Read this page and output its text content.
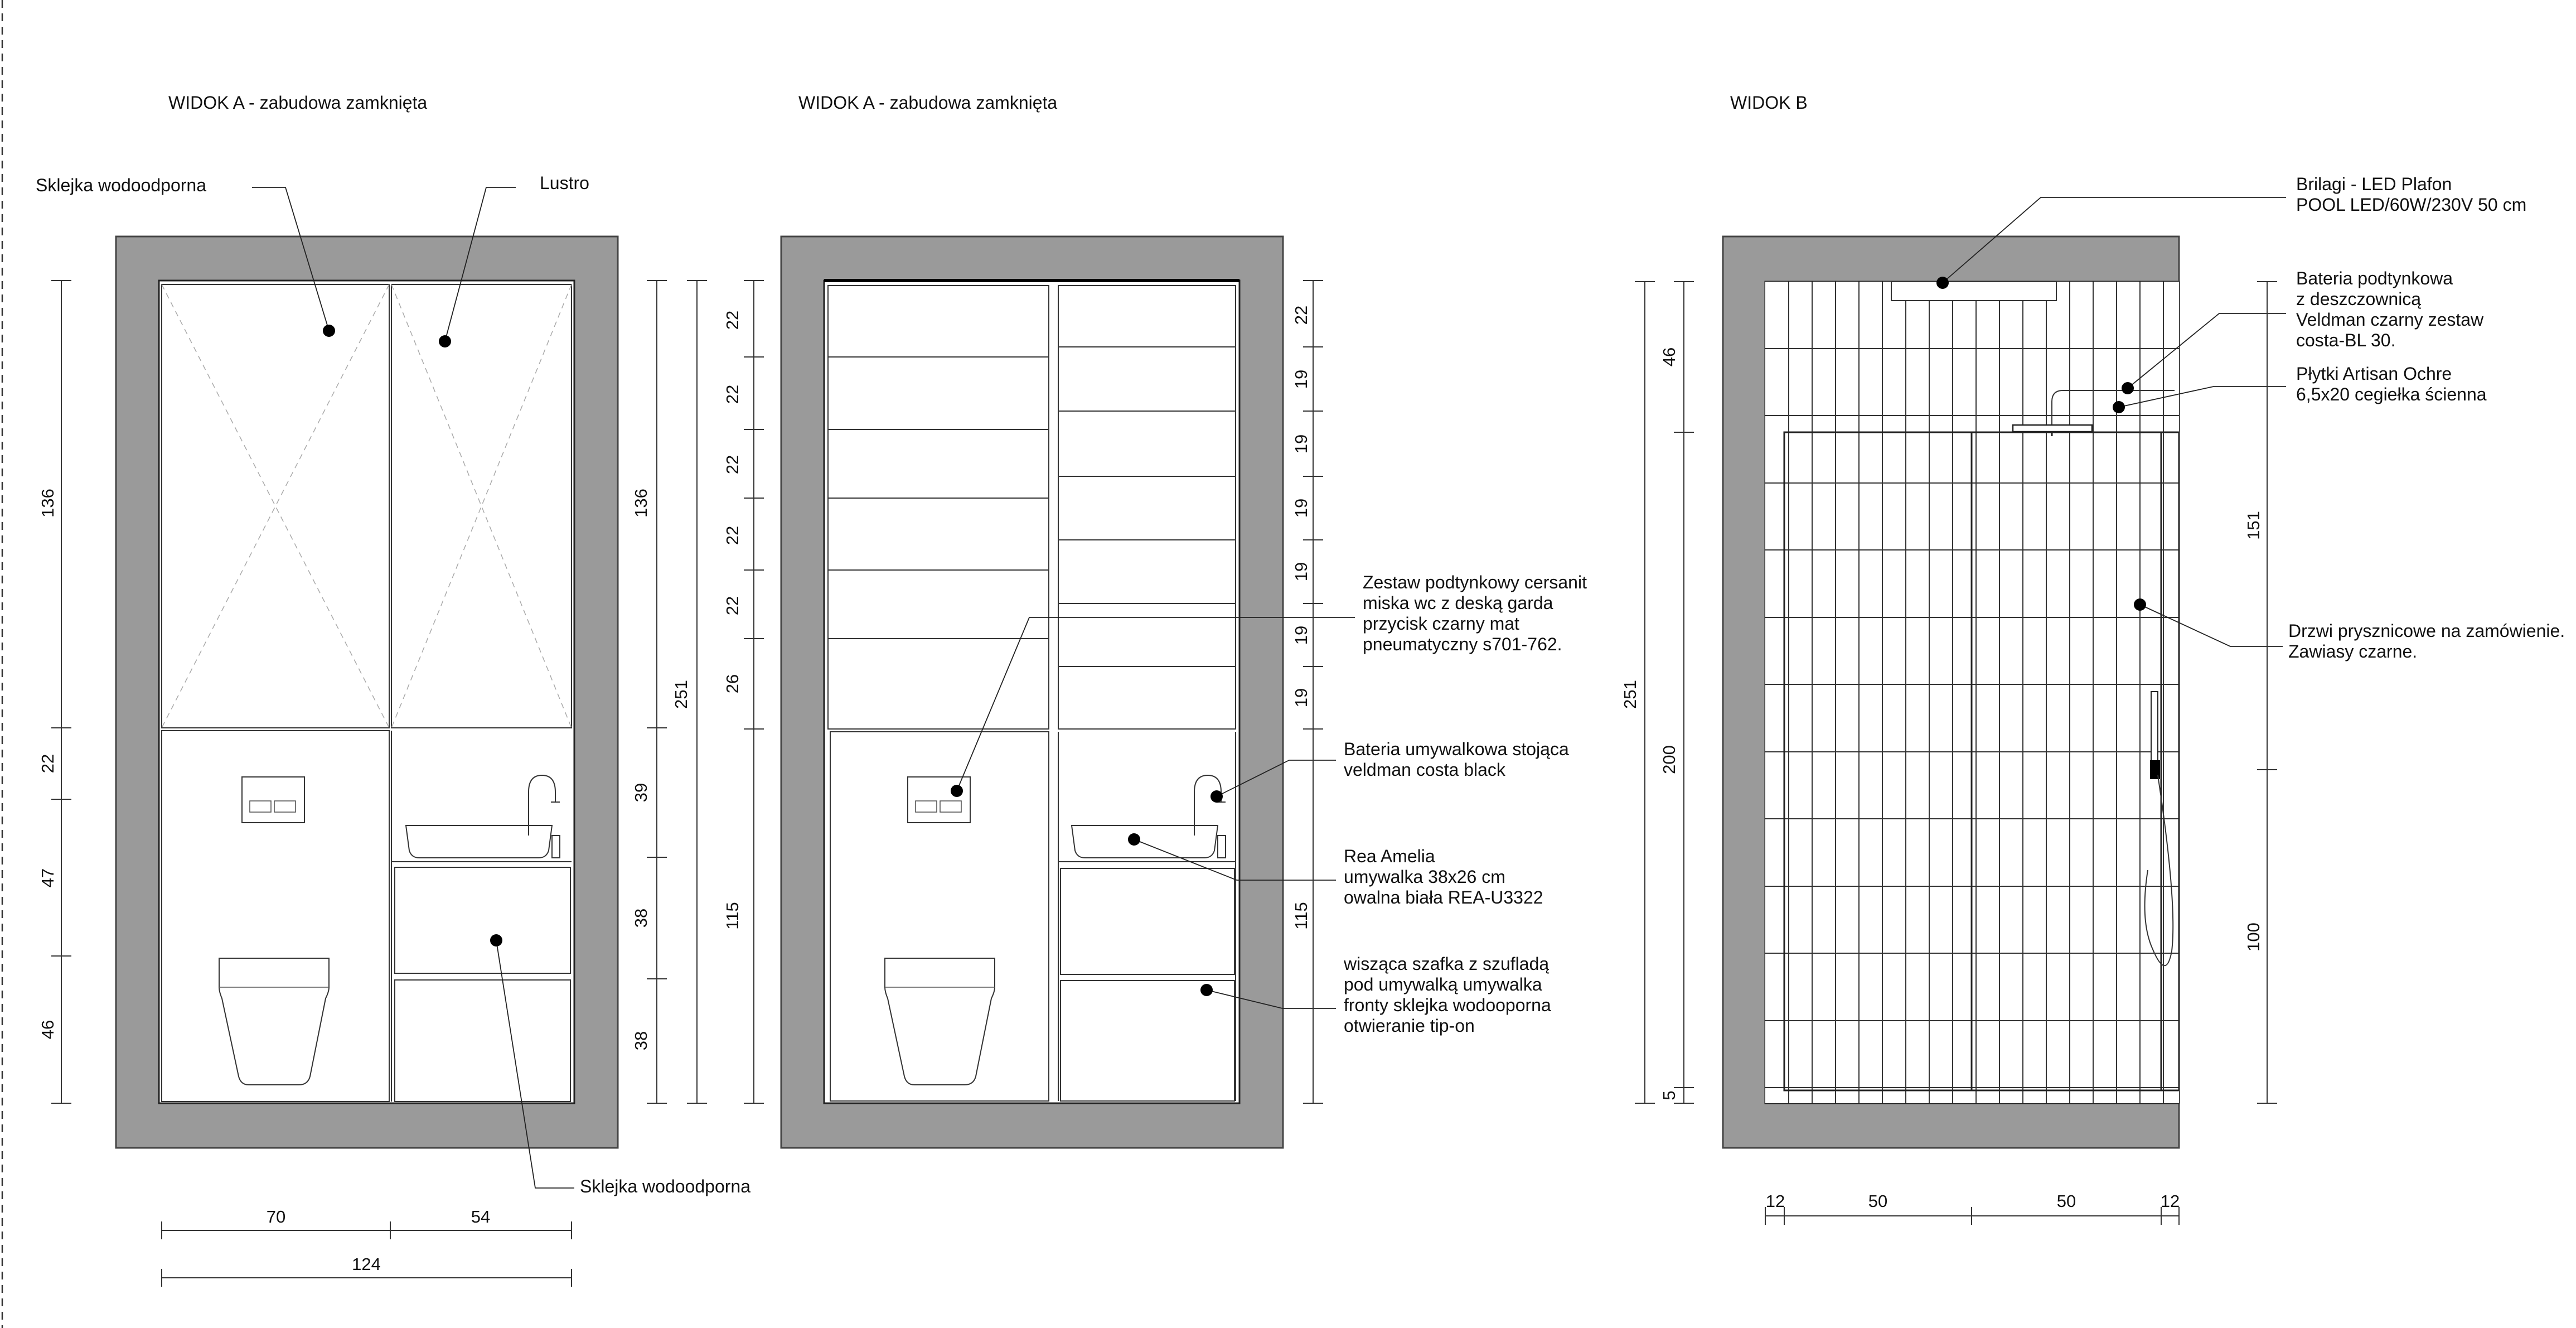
WIDOK A - zabudowa zamknięta
Sklejka wodoodporna	Lustro
Sklejka wodoodporna
136
22
47
46
136
39
38
38
251
70	54
124
WIDOK A - zabudowa zamknięta
Zestaw podtynkowy cersanit miska wc z deską garda przycisk czarny mat pneumatyczny s701-762.
Bateria umywalkowa stojąca veldman costa black
Rea Amelia umywalka 38x26 cm owalna biała REA-U3322
wisząca szafka z szufladą pod umywalką umywalka fronty sklejka wodooporna otwieranie tip-on
22
22
22
22
22
26
115
22
19
19
19
19
19
19
115
WIDOK B
Brilagi - LED Plafon POOL LED/60W/230V 50 cm
Bateria podtynkowa z deszczownicą Veldman czarny zestaw costa-BL 30.
Płytki Artisan Ochre 6,5x20 cegiełka ścienna
Drzwi prysznicowe na zamówienie. Zawiasy czarne.
46
200
5
251
151
100
12	50	50	12
